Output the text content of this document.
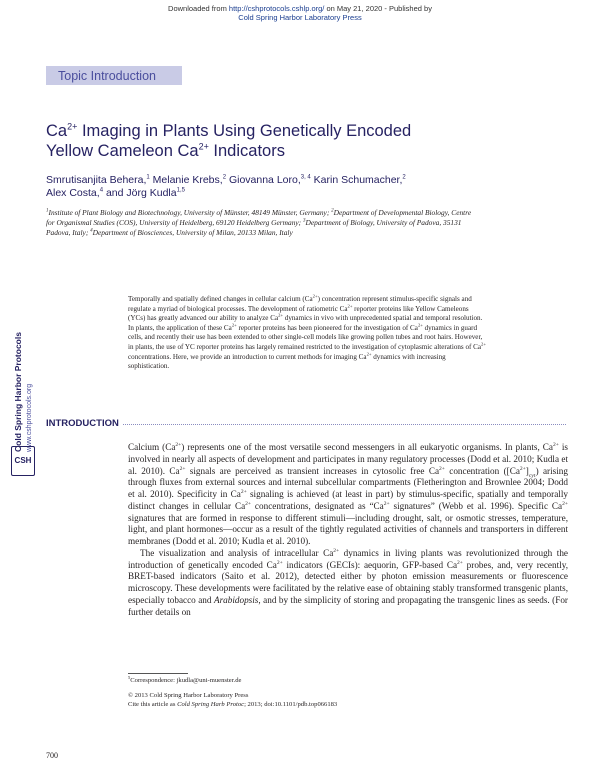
Downloaded from http://cshprotocols.cshlp.org/ on May 21, 2020 - Published by
Cold Spring Harbor Laboratory Press
Topic Introduction
$Ca^{2+}$ Imaging in Plants Using Genetically Encoded
Yellow Cameleon $Ca^{2+}$ Indicators
Smrutisanjita Behera,$^1$ Melanie Krebs,$^2$ Giovanna Loro,$^{3, 4}$ Karin Schumacher,$^2$
Alex Costa,$^4$ and Jörg Kudla$^{1,5}$
$^1$Institute of Plant Biology and Biotechnology, University of Münster, 48149 Münster, Germany; $^2$Department of Developmental Biology, Centre for Organismal Studies (COS), University of Heidelberg, 69120 Heidelberg Germany; $^3$Department of Biology, University of Padova, 35131 Padova, Italy; $^4$Department of Biosciences, University of Milan, 20133 Milan, Italy
Temporally and spatially defined changes in cellular calcium $(Ca^{2+})$ concentration represent stimulus-specific signals and regulate a myriad of biological processes. The development of ratiometric $Ca^{2+}$ reporter proteins like Yellow Cameleons (YCs) has greatly advanced our ability to analyze $Ca^{2+}$ dynamics in vivo with unprecedented spatial and temporal resolution. In plants, the application of these $Ca^{2+}$ reporter proteins has been pioneered for the investigation of $Ca^{2+}$ dynamics in guard cells, and recently their use has been extended to other single-cell models like growing pollen tubes and root hairs. However, in plants, the use of YC reporter proteins has largely remained restricted to the investigation of cytoplasmic alterations of $Ca^{2+}$ concentrations. Here, we provide an introduction to current methods for imaging $Ca^{2+}$ dynamics with increasing sophistication.
Cold Spring Harbor Protocols www.cshprotocols.org
CSH
INTRODUCTION

Calcium $(Ca^{2+})$ represents one of the most versatile second messengers in all eukaryotic organisms. In plants, $Ca^{2+}$ is involved in nearly all aspects of development and participates in many regulatory processes (Dodd et al. 2010; Kudla et al. 2010). $Ca^{2+}$ signals are perceived as transient increases in cytosolic free $Ca^{2+}$ concentration $([Ca^{2+}]_{cyt})$ arising through fluxes from external sources and internal subcellular compartments (Fletherington and Brownlee 2004; Dodd et al. 2010). Specificity in $Ca^{2+}$ signaling is achieved (at least in part) by stimulus-specific, spatially and temporally distinct changes in cellular $Ca^{2+}$ concentrations, designated as “$Ca^{2+}$ signatures” (Webb et al. 1996). Specific $Ca^{2+}$ signatures that are formed in response to different stimuli—including drought, salt, or osmotic stresses, temperature, light, and plant hormones—occur as a result of the tightly regulated activities of channels and transporters in different membranes (Dodd et al. 2010; Kudla et al. 2010).

The visualization and analysis of intracellular $Ca^{2+}$ dynamics in living plants was revolutionized through the introduction of genetically encoded $Ca^{2+}$ indicators (GECIs): aequorin, GFP-based $Ca^{2+}$ probes, and, very recently, BRET-based indicators (Saito et al. 2012), detected either by photon emission measurements or fluorescence microscopy. These developments were facilitated by the relative ease of obtaining stably transformed transgenic plants, especially tobacco and Arabidopsis, and by the simplicity of storing and propagating the transgenic lines as seeds. (For further details on

$^5$Correspondence: jkudla@uni-muenster.de
© 2013 Cold Spring Harbor Laboratory Press
Cite this article as Cold Spring Harb Protoc; 2013; doi:10.1101/pdb.top066183
700
